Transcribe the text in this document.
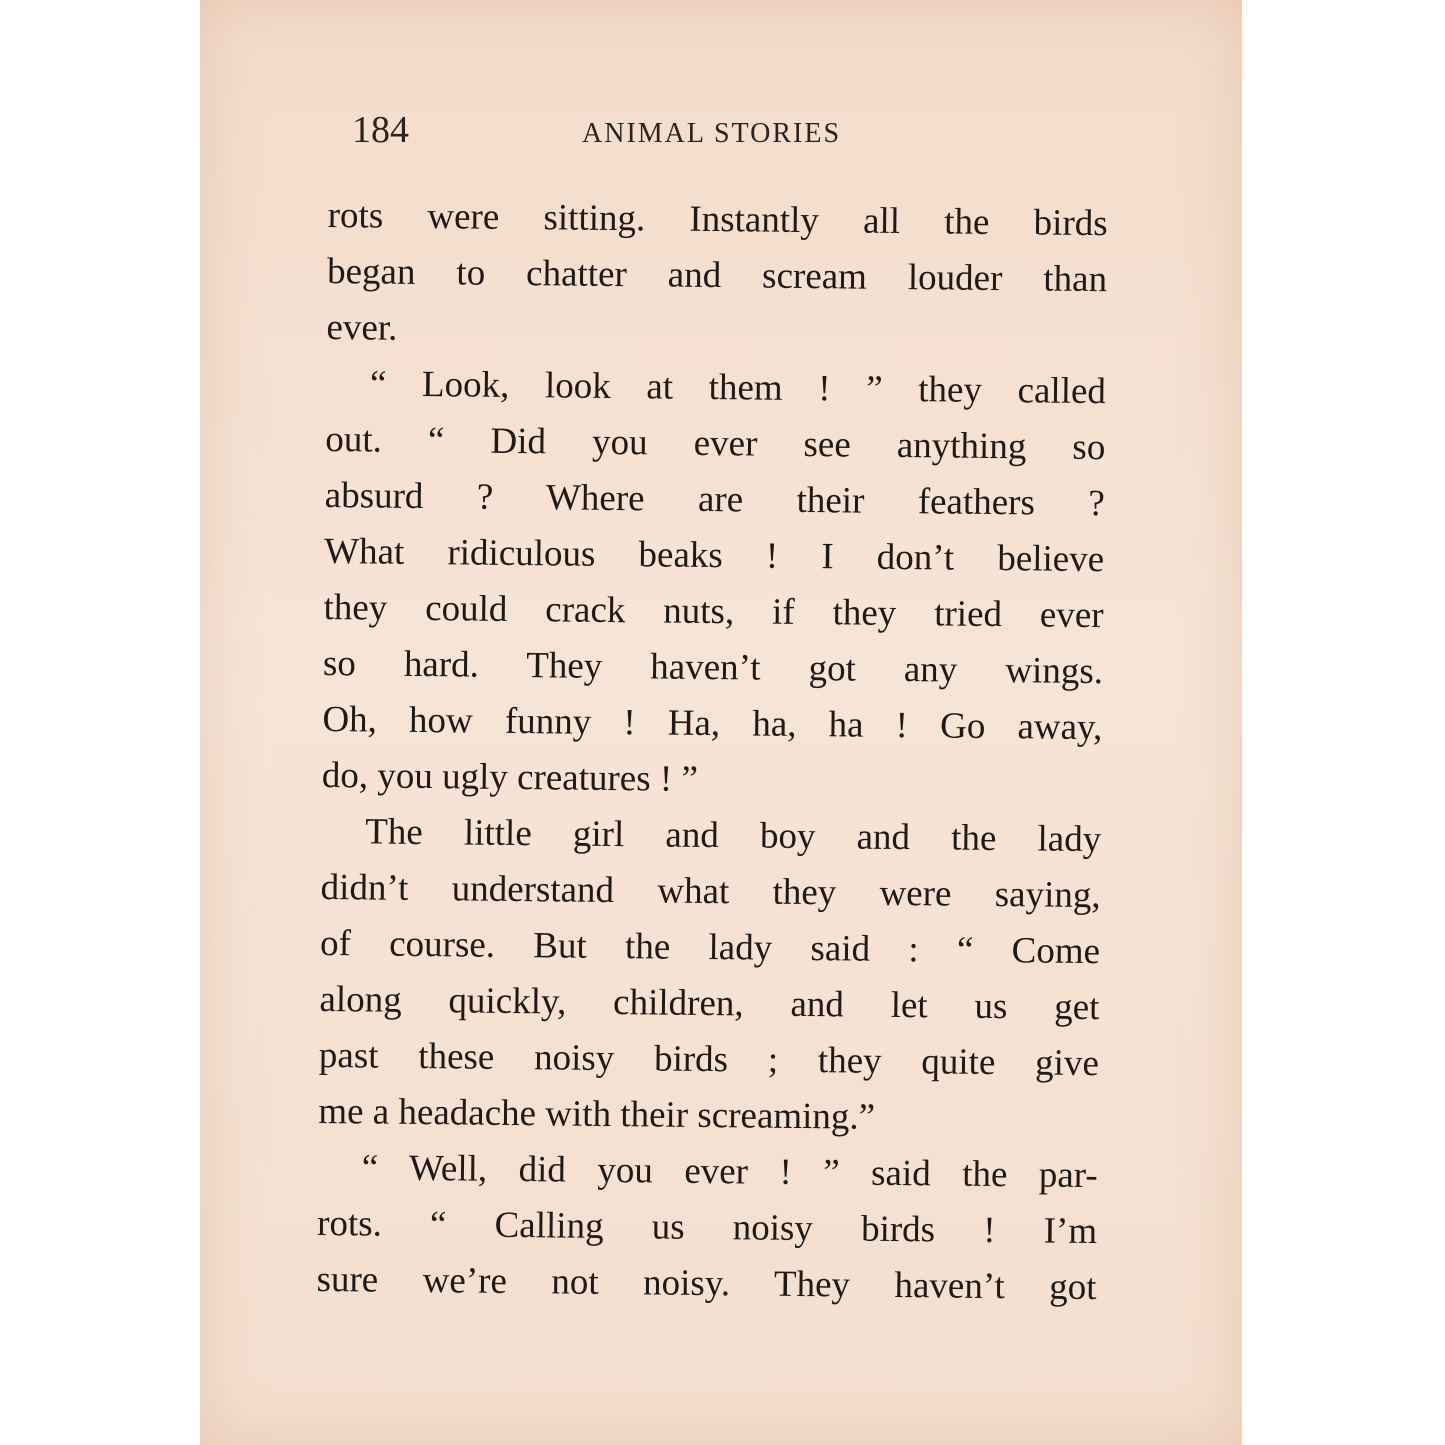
184	ANIMAL STORIES
rots were sitting. Instantly all the birds
began to chatter and scream louder than
ever.
“ Look, look at them ! ” they called
out. “ Did you ever see anything so
absurd ? Where are their feathers ?
What ridiculous beaks ! I don’t believe
they could crack nuts, if they tried ever
so hard. They haven’t got any wings.
Oh, how funny ! Ha, ha, ha ! Go away,
do, you ugly creatures ! ”
The little girl and boy and the lady
didn’t understand what they were saying,
of course. But the lady said : “ Come
along quickly, children, and let us get
past these noisy birds ; they quite give
me a headache with their screaming.”
“ Well, did you ever ! ” said the par-
rots. “ Calling us noisy birds ! I’m
sure we’re not noisy. They haven’t got
